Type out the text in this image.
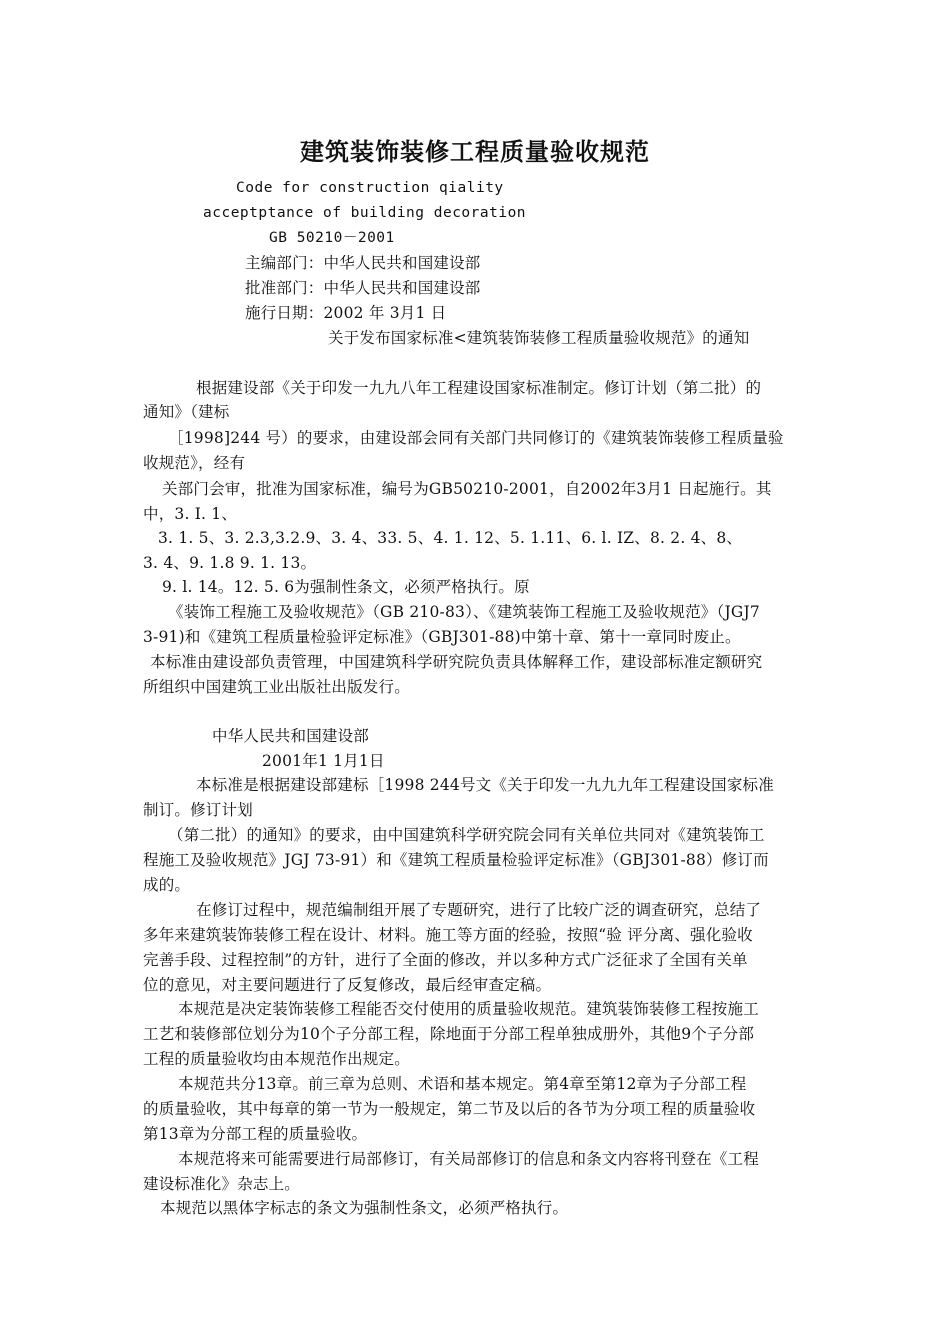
建筑装饰装修工程质量验收规范
Code for construction qiality
acceptptance of building decoration
GB 50210－2001
主编部门：中华人民共和国建设部
批准部门：中华人民共和国建设部
施行日期：2002 年 3月1 日
关于发布国家标准<建筑装饰装修工程质量验收规范》的通知
根据建设部《关于印发一九九八年工程建设国家标准制定。修订计划（第二批）的
通知》（建标
［1998]244 号）的要求，由建设部会同有关部门共同修订的《建筑装饰装修工程质量验
收规范》，经有
关部门会审，批准为国家标准，编号为GB50210-2001，自2002年3月1 日起施行。其
中，3. I. 1、
3. 1. 5、3. 2.3,3.2.9、3. 4、33. 5、4. 1. 12、5. 1.11、6. l. IZ、8. 2. 4、8、
3. 4、9. 1.8 9. 1. 13。
9. l. 14。12. 5. 6为强制性条文，必须严格执行。原
《装饰工程施工及验收规范》（GB 210-83）、《建筑装饰工程施工及验收规范》（JGJ7
3-91)和《建筑工程质量检验评定标准》（GBJ301-88)中第十章、第十一章同时废止。
本标准由建设部负责管理，中国建筑科学研究院负责具体解释工作，建设部标准定额研究
所组织中国建筑工业出版社出版发行。
中华人民共和国建设部
2001年1 1月1日
本标准是根据建设部建标［1998 244号文《关于印发一九九九年工程建设国家标准
制订。修订计划
（第二批）的通知》的要求，由中国建筑科学研究院会同有关单位共同对《建筑装饰工
程施工及验收规范》JGJ 73-91）和《建筑工程质量检验评定标准》（GBJ301-88）修订而
成的。
在修订过程中，规范编制组开展了专题研究，进行了比较广泛的调查研究，总结了
多年来建筑装饰装修工程在设计、材料。施工等方面的经验，按照“验 评分离、强化验收
完善手段、过程控制”的方针，进行了全面的修改，并以多种方式广泛征求了全国有关单
位的意见，对主要问题进行了反复修改，最后经审查定稿。
本规范是决定装饰装修工程能否交付使用的质量验收规范。建筑装饰装修工程按施工
工艺和装修部位划分为10个子分部工程，除地面于分部工程单独成册外，其他9个子分部
工程的质量验收均由本规范作出规定。
本规范共分13章。前三章为总则、术语和基本规定。第4章至第12章为子分部工程
的质量验收，其中每章的第一节为一般规定，第二节及以后的各节为分项工程的质量验收
第13章为分部工程的质量验收。
本规范将来可能需要进行局部修订，有关局部修订的信息和条文内容将刊登在《工程
建设标准化》杂志上。
本规范以黑体字标志的条文为强制性条文，必须严格执行。
